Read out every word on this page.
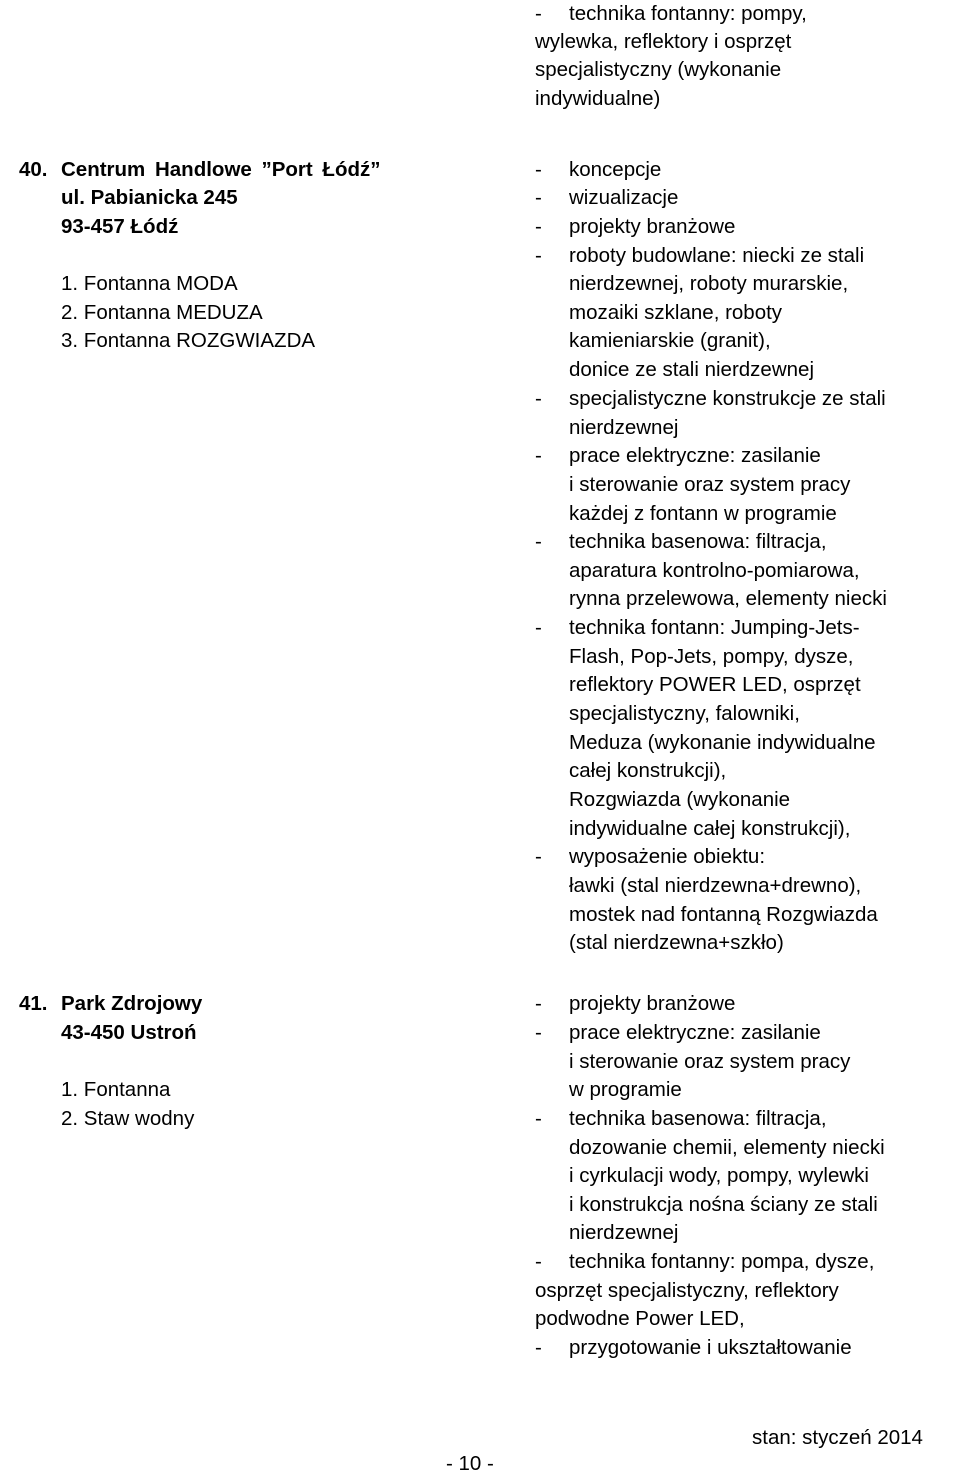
- technika fontanny: pompy,
wylewka, reflektory i osprzęt
specjalistyczny (wykonanie
indywidualne)
40. Centrum Handlowe ”Port Łódź”
ul. Pabianicka 245
93-457 Łódź
1. Fontanna MODA
2. Fontanna MEDUZA
3. Fontanna ROZGWIAZDA
- koncepcje
- wizualizacje
- projekty branżowe
- roboty budowlane: niecki ze stali
nierdzewnej, roboty murarskie,
mozaiki szklane, roboty
kamieniarskie (granit),
donice ze stali nierdzewnej
- specjalistyczne konstrukcje ze stali
nierdzewnej
- prace elektryczne: zasilanie
i sterowanie oraz system pracy
każdej z fontann w programie
- technika basenowa: filtracja,
aparatura kontrolno-pomiarowa,
rynna przelewowa, elementy niecki
- technika fontann: Jumping-Jets-
Flash, Pop-Jets, pompy, dysze,
reflektory POWER LED, osprzęt
specjalistyczny, falowniki,
Meduza (wykonanie indywidualne
całej konstrukcji),
Rozgwiazda (wykonanie
indywidualne całej konstrukcji),
- wyposażenie obiektu:
ławki (stal nierdzewna+drewno),
mostek nad fontanną Rozgwiazda
(stal nierdzewna+szkło)
41. Park Zdrojowy
43-450 Ustroń
1. Fontanna
2. Staw wodny
- projekty branżowe
- prace elektryczne: zasilanie
i sterowanie oraz system pracy
w programie
- technika basenowa: filtracja,
dozowanie chemii, elementy niecki
i cyrkulacji wody, pompy, wylewki
i konstrukcja nośna ściany ze stali
nierdzewnej
- technika fontanny: pompa, dysze,
osprzęt specjalistyczny, reflektory
podwodne Power LED,
- przygotowanie i ukształtowanie
- 10 -
stan: styczeń 2014
